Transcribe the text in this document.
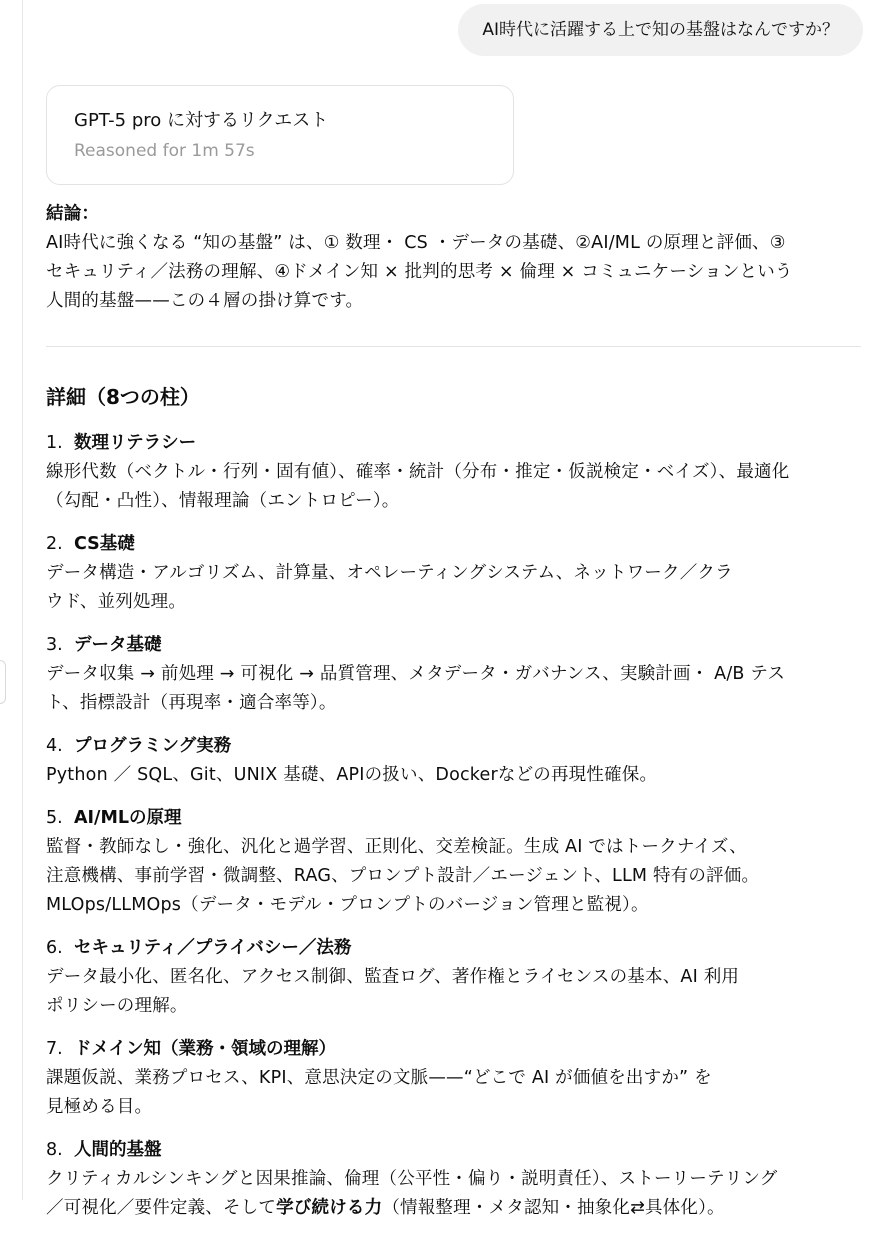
AI時代に活躍する上で知の基盤はなんですか？
GPT-5 pro に対するリクエスト
Reasoned for 1m 57s
結論：
AI時代に強くなる “知の基盤” は、① 数理・ CS ・データの基礎、②AI/ML の原理と評価、③
セキュリティ／法務の理解、④ドメイン知 × 批判的思考 × 倫理 × コミュニケーションという
人間的基盤——この４層の掛け算です。
詳細（8つの柱）
1. 数理リテラシー
線形代数（ベクトル・行列・固有値）、確率・統計（分布・推定・仮説検定・ベイズ）、最適化
（勾配・凸性）、情報理論（エントロピー）。
2. CS基礎
データ構造・アルゴリズム、計算量、オペレーティングシステム、ネットワーク／クラ
ウド、並列処理。
3. データ基礎
データ収集 → 前処理 → 可視化 → 品質管理、メタデータ・ガバナンス、実験計画・ A/B テス
ト、指標設計（再現率・適合率等）。
4. プログラミング実務
Python ／ SQL、Git、UNIX 基礎、APIの扱い、Dockerなどの再現性確保。
5. AI/MLの原理
監督・教師なし・強化、汎化と過学習、正則化、交差検証。生成 AI ではトークナイズ、
注意機構、事前学習・微調整、RAG、プロンプト設計／エージェント、LLM 特有の評価。
MLOps/LLMOps（データ・モデル・プロンプトのバージョン管理と監視）。
6. セキュリティ／プライバシー／法務
データ最小化、匿名化、アクセス制御、監査ログ、著作権とライセンスの基本、AI 利用
ポリシーの理解。
7. ドメイン知（業務・領域の理解）
課題仮説、業務プロセス、KPI、意思決定の文脈——“どこで AI が価値を出すか” を
見極める目。
8. 人間的基盤
クリティカルシンキングと因果推論、倫理（公平性・偏り・説明責任）、ストーリーテリング
／可視化／要件定義、そして学び続ける力（情報整理・メタ認知・抽象化⇄具体化）。
